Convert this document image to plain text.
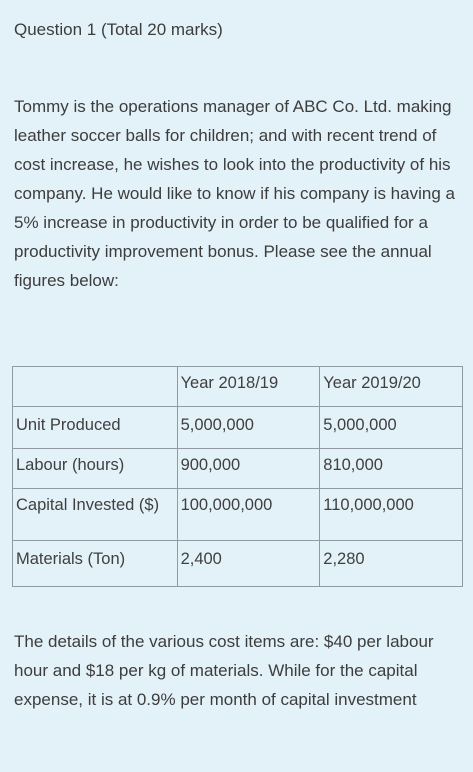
Question 1 (Total 20 marks)
Tommy is the operations manager of ABC Co. Ltd. making leather soccer balls for children; and with recent trend of cost increase, he wishes to look into the productivity of his company. He would like to know if his company is having a 5% increase in productivity in order to be qualified for a productivity improvement bonus. Please see the annual figures below:
	Year 2018/19	Year 2019/20
Unit Produced	5,000,000	5,000,000
Labour (hours)	900,000	810,000
Capital Invested ($)	100,000,000	110,000,000
Materials (Ton)	2,400	2,280
The details of the various cost items are: $40 per labour hour and $18 per kg of materials. While for the capital expense, it is at 0.9% per month of capital investment
